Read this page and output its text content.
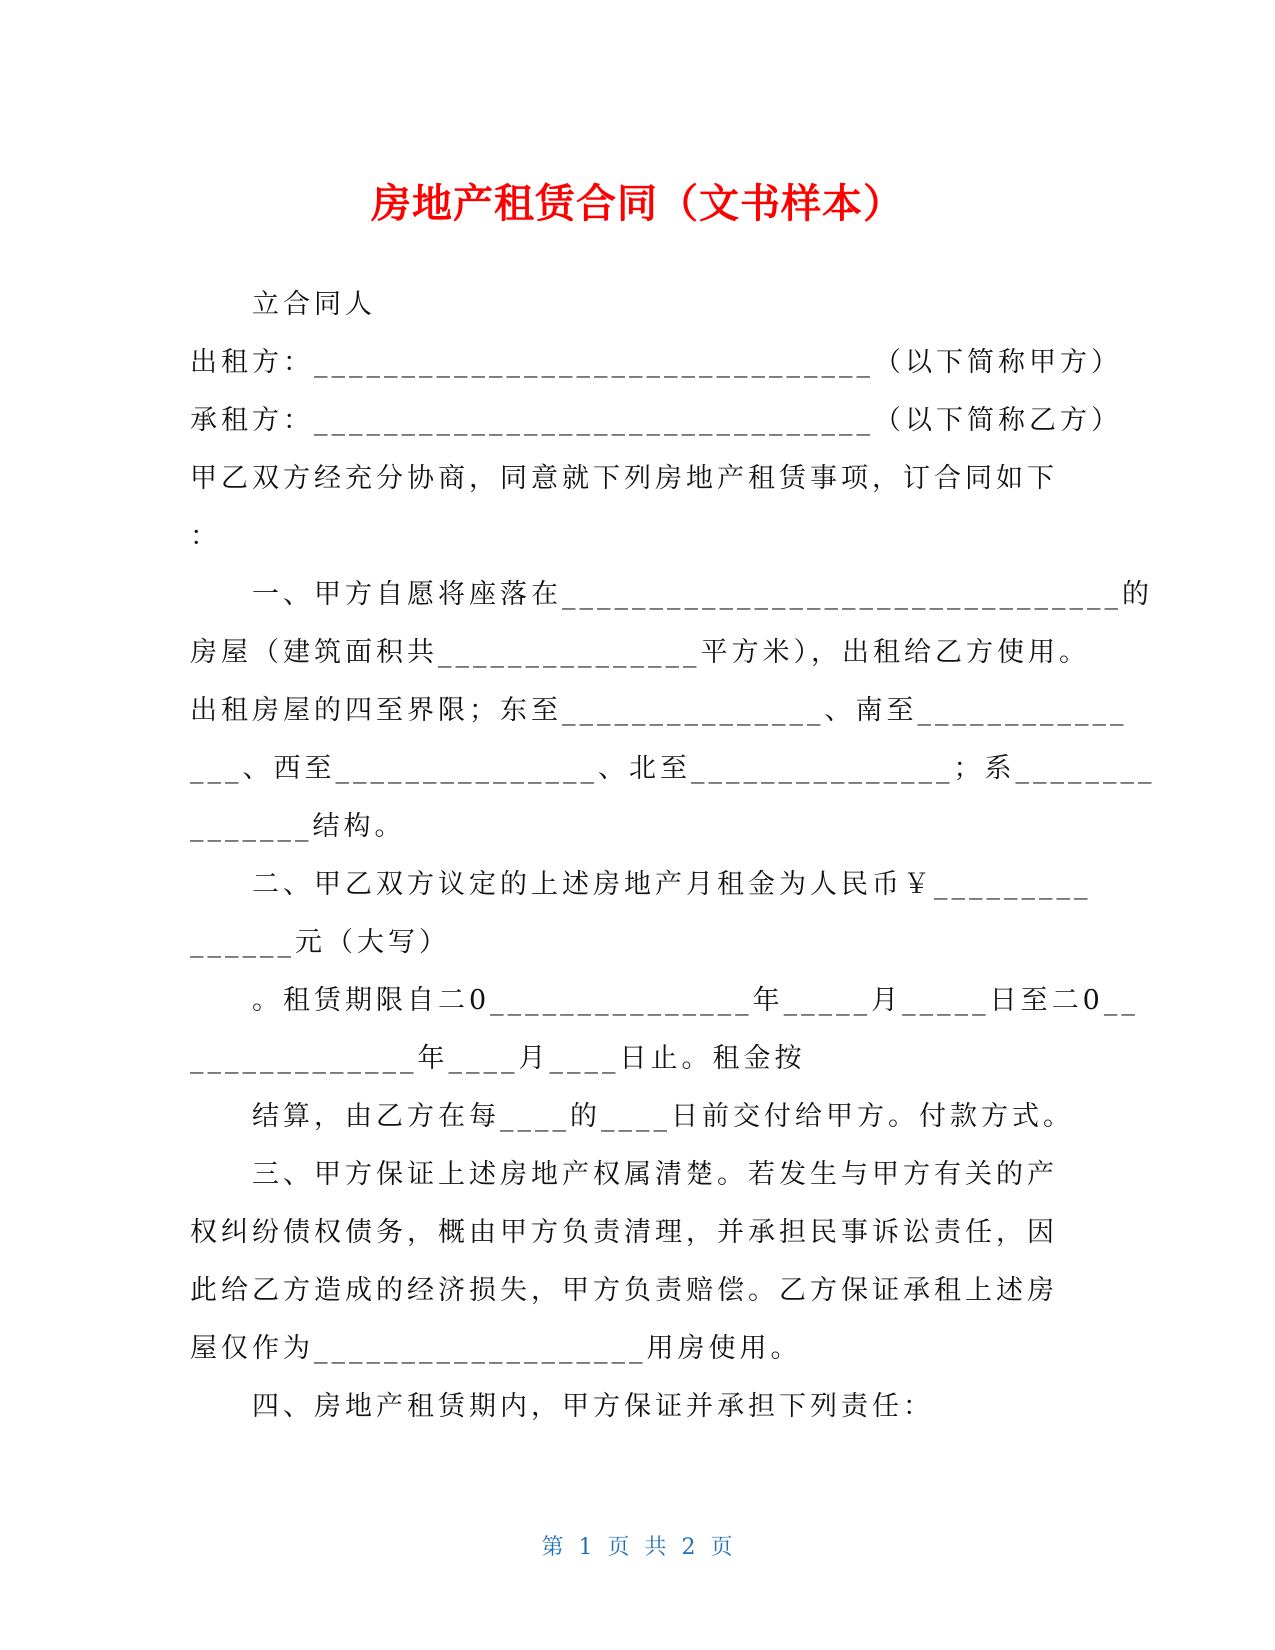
房地产租赁合同（文书样本）
立合同人
出租方：________________________________（以下简称甲方）
承租方：________________________________（以下简称乙方）
甲乙双方经充分协商，同意就下列房地产租赁事项，订合同如下
：
一、甲方自愿将座落在________________________________的
房屋（建筑面积共_______________平方米），出租给乙方使用。
出租房屋的四至界限；东至_______________、南至____________
___、西至_______________、北至_______________；系________
_______结构。
二、甲乙双方议定的上述房地产月租金为人民币￥_________
______元（大写）
。租赁期限自二0_______________年_____月_____日至二0__
_____________年____月____日止。租金按
结算，由乙方在每____的____日前交付给甲方。付款方式。
三、甲方保证上述房地产权属清楚。若发生与甲方有关的产
权纠纷债权债务，概由甲方负责清理，并承担民事诉讼责任，因
此给乙方造成的经济损失，甲方负责赔偿。乙方保证承租上述房
屋仅作为___________________用房使用。
四、房地产租赁期内，甲方保证并承担下列责任：
第 1 页 共 2 页
